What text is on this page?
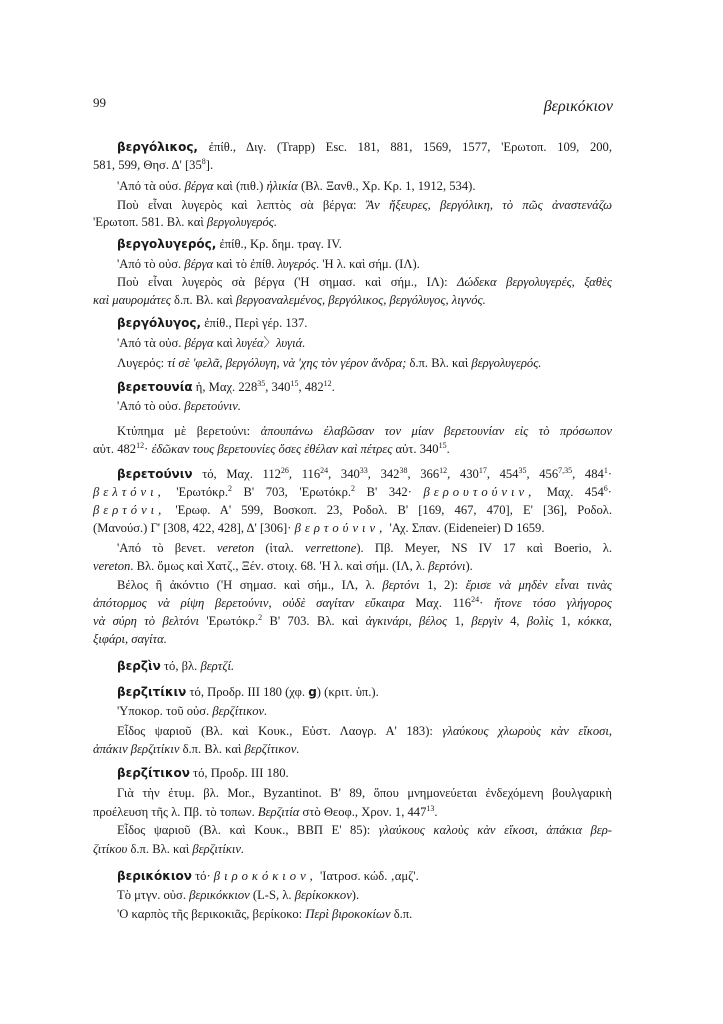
99	βερικόκιον
βεργόλικος, ἐπίθ., Διγ. (Trapp) Esc. 181, 881, 1569, 1577, 'Ερωτοπ. 109, 200,
581, 599, Θησ. Δ' $[35^8]$.
'Από τὰ οὐσ. βέργα καὶ (πιθ.) ἡλικία (Βλ. Ξανθ., Χρ. Κρ. 1, 1912, 534).
Ποὺ εἶναι λυγερὸς καὶ λεπτὸς σὰ βέργα: Ἂν ἤξευρες, βεργόλικη, τὸ πῶς ἀναστενάζω
'Ερωτοπ. 581. Βλ. καὶ βεργολυγερός.
βεργολυγερός, ἐπίθ., Κρ. δημ. τραγ. IV.
'Από τὸ οὐσ. βέργα καὶ τὸ ἐπίθ. λυγερός. 'Η λ. καὶ σήμ. (ΙΛ).
Ποὺ εἶναι λυγερὸς σὰ βέργα ('Η σημασ. καὶ σήμ., ΙΛ): Δώδεκα βεργολυγερές, ξαθὲς
καὶ μαυρομάτες δ.π. Βλ. καὶ βεργοαναλεμένος, βεργόλικος, βεργόλυγος, λιγνός.
βεργόλυγος, ἐπίθ., Περὶ γέρ. 137.
'Από τὰ οὐσ. βέργα καὶ λυγέα〉λυγιά.
Λυγερός: τί σὲ 'φελᾶ, βεργόλυγη, νὰ 'χης τὸν γέρον ἄνδρα; δ.π. Βλ. καὶ βεργολυγερός.
βερετουνία ἡ, Μαχ. $228^{35}$, $340^{15}$, $482^{12}$.
'Από τὸ οὐσ. βερετούνιν.
Κτύπημα μὲ βερετούνι: ἀπουπάνω ἐλαβῶσαν τον μίαν βερετουνίαν εἰς τὸ πρόσωπον
αὐτ. $482^{12}\cdot$ ἐδῶκαν τους βερετουνίες ὅσες ἐθέλαν καὶ πέτρες αὐτ. $340^{15}$.
βερετούνιν τό, Μαχ. $112^{26}$, $116^{24}$, $340^{33}$, $342^{38}$, $366^{12}$, $430^{17}$, $454^{35}$, 456$^{7,35}$, $484^1\cdot$
βελτόνι, 'Ερωτόκρ.$^2$ Β' 703, 'Ερωτόκρ.$^2$ Β' 342· βερουτούνιν, Μαχ. $454^6\cdot$
βερτόνι, 'Ερωφ. Α' 599, Βοσκοπ. 23, Ροδολ. Β' [169, 467, 470], Ε' [36], Ροδολ.
(Μανούσ.) Γ' [308, 422, 428], Δ' [306]· βερτούνιν, 'Αχ. Σπαν. (Eideneier) D 1659.
'Από τὸ βενετ. vereton (ἰταλ. verrettone). Πβ. Meyer, NS IV 17 καὶ Boerio, λ.
vereton. Βλ. ὅμως καὶ Χατζ., Ξέν. στοιχ. 68. 'Η λ. καὶ σήμ. (ΙΛ, λ. βερτόνι).
Βέλος ἢ ἀκόντιο ('Η σημασ. καὶ σήμ., ΙΛ, λ. βερτόνι 1, 2): ἔρισε νὰ μηδὲν εἶναι τινὰς
ἀπότορμος νὰ ρίψη βερετούνιν, οὐδὲ σαγίταν εὔκαιρα Μαχ. $116^{24}\cdot$ ἤτονε τόσο γλήγορος
νὰ σύρη τὸ βελτόνι 'Ερωτόκρ.$^2$ Β' 703. Βλ. καὶ ἀγκινάρι, βέλος 1, βεργὶν 4, βολὶς 1, κόκκα,
ξιφάρι, σαγίτα.
βερζὶν τό, βλ. βερτζί.
βερζιτίκιν τό, Προδρ. III 180 (χφ. g) (κριτ. ὑπ.).
'Υποκορ. τοῦ οὐσ. βερζίτικον.
Εἶδος ψαριοῦ (Βλ. καὶ Κουκ., Εὐστ. Λαογρ. Α' 183): γλαύκους χλωροὺς κὰν εἴκοσι,
ἀπάκιν βερζιτίκιν δ.π. Βλ. καὶ βερζίτικον.
βερζίτικον τό, Προδρ. III 180.
Γιὰ τὴν ἐτυμ. βλ. Mor., Byzantinot. Β' 89, ὅπου μνημονεύεται ἐνδεχόμενη βουλγαρικὴ
προέλευση τῆς λ. Πβ. τὸ τοπων. Βερζιτία στὸ Θεοφ., Χρον. 1, $447^{13}$.
Εἶδος ψαριοῦ (Βλ. καὶ Κουκ., ΒΒΠ Ε' 85): γλαύκους καλοὺς κὰν εἴκοσι, ἀπάκια βερ-
ζιτίκου δ.π. Βλ. καὶ βερζιτίκιν.
βερικόκιον τό· βιροκόκιον, 'Ιατροσ. κώδ. ‚αμζ'.
Τὸ μτγν. οὐσ. βερικόκκιον (L-S, λ. βερίκοκκον).
'Ο καρπὸς τῆς βερικοκιᾶς, βερίκοκο: Περὶ βιροκοκίων δ.π.
